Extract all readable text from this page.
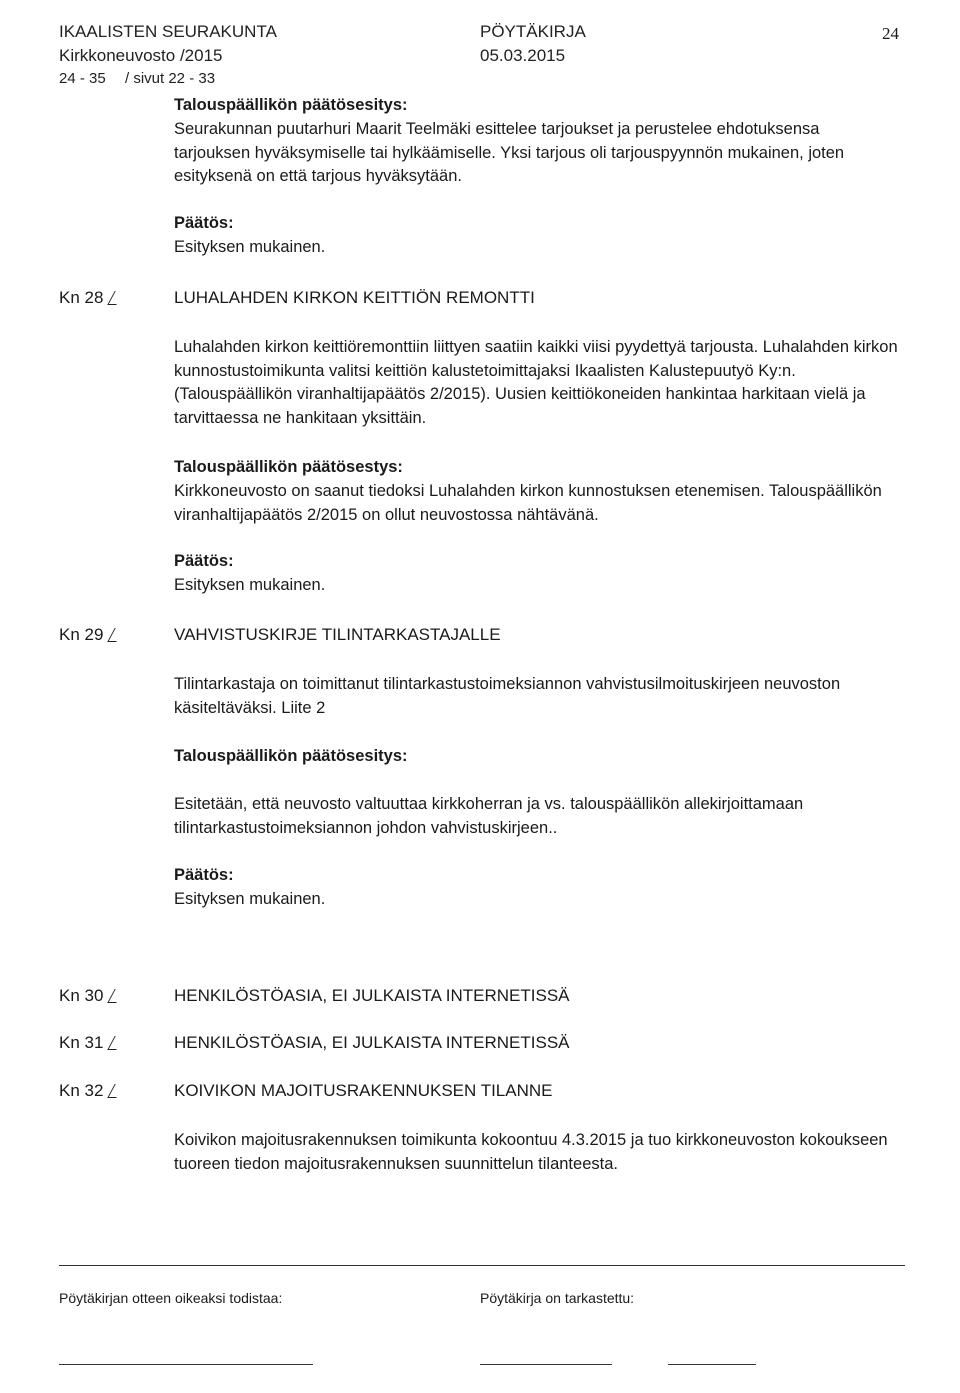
IKAALISTEN SEURAKUNTA	PÖYTÄKIRJA	24
Kirkkoneuvosto /2015	05.03.2015
24 - 35 / sivut 22 - 33
Talouspäällikön päätösesitys:
Seurakunnan puutarhuri Maarit Teelmäki esittelee tarjoukset ja perustelee ehdotuksensa tarjouksen hyväksymiselle tai hylkäämiselle. Yksi tarjous oli tarjouspyynnön mukainen, joten esityksenä on että tarjous hyväksytään.
Päätös:
Esityksen mukainen.
Kn 28	LUHALAHDEN KIRKON KEITTIÖN REMONTTI
Luhalahden kirkon keittiöremonttiin liittyen saatiin kaikki viisi pyydettyä tarjousta. Luhalahden kirkon kunnostustoimikunta valitsi keittiön kalustetoimittajaksi Ikaalisten Kalustepuutyö Ky:n. (Talouspäällikön viranhaltijapäätös 2/2015). Uusien keittiökoneiden hankintaa harkitaan vielä ja tarvittaessa ne hankitaan yksittäin.
Talouspäällikön päätösestys:
Kirkkoneuvosto on saanut tiedoksi Luhalahden kirkon kunnostuksen etenemisen. Talouspäällikön viranhaltijapäätös 2/2015 on ollut neuvostossa nähtävänä.
Päätös:
Esityksen mukainen.
Kn 29	VAHVISTUSKIRJE TILINTARKASTAJALLE
Tilintarkastaja on toimittanut tilintarkastustoimeksiannon vahvistusilmoituskirjeen neuvoston käsiteltäväksi. Liite 2
Talouspäällikön päätösesitys:
Esitetään, että neuvosto valtuuttaa kirkkoherran ja vs. talouspäällikön allekirjoittamaan tilintarkastustoimeksiannon johdon vahvistuskirjeen..
Päätös:
Esityksen mukainen.
Kn 30	HENKILÖSTÖASIA, EI JULKAISTA INTERNETISSÄ
Kn 31	HENKILÖSTÖASIA, EI JULKAISTA INTERNETISSÄ
Kn 32	KOIVIKON MAJOITUSRAKENNUKSEN TILANNE
Koivikon majoitusrakennuksen toimikunta kokoontuu 4.3.2015 ja tuo kirkkoneuvoston kokoukseen tuoreen tiedon majoitusrakennuksen suunnittelun tilanteesta.
Pöytäkirjan otteen oikeaksi todistaa:	Pöytäkirja on tarkastettu:
